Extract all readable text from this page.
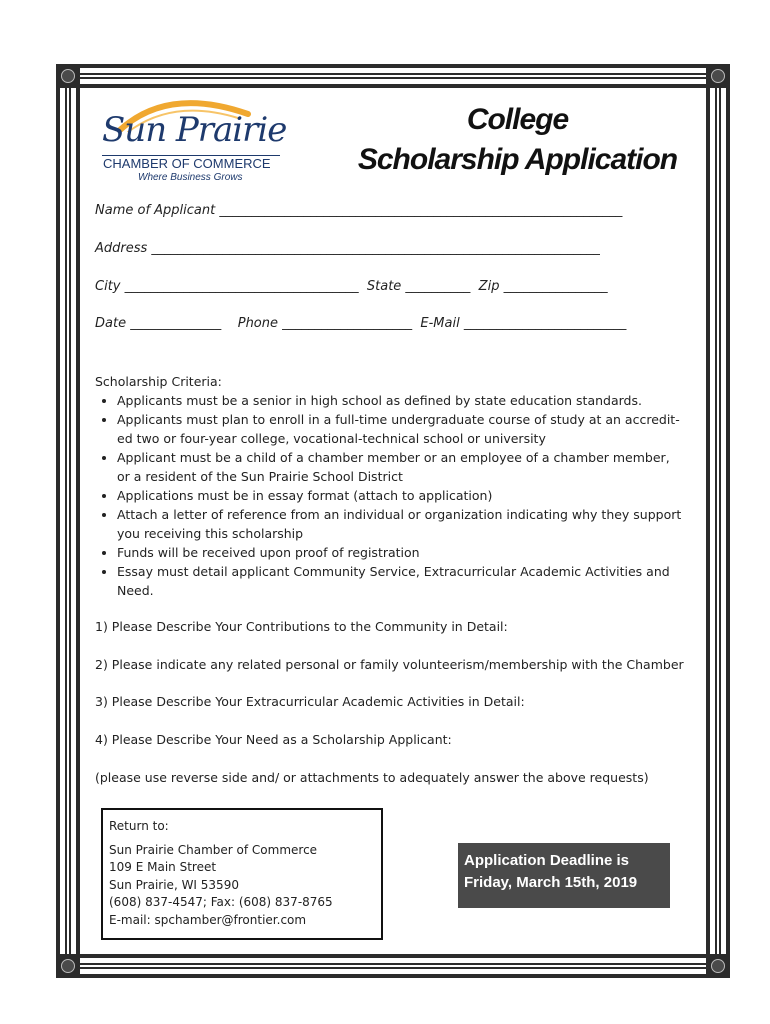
Sun Prairie
CHAMBER OF COMMERCE
Where Business Grows
College
Scholarship Application
Name of Applicant ______________________________________________________________
Address _____________________________________________________________________
City ____________________________________  State __________  Zip ________________
Date ______________    Phone ____________________  E-Mail _________________________
Scholarship Criteria:
• Applicants must be a senior in high school as defined by state education standards.
• Applicants must plan to enroll in a full-time undergraduate course of study at an accredit-ed two or four-year college, vocational-technical school or university
• Applicant must be a child of a chamber member or an employee of a chamber member, or a resident of the Sun Prairie School District
• Applications must be in essay format (attach to application)
• Attach a letter of reference from an individual or organization indicating why they support you receiving this scholarship
• Funds will be received upon proof of registration
• Essay must detail applicant Community Service, Extracurricular Academic Activities and Need.
1) Please Describe Your Contributions to the Community in Detail:
2) Please indicate any related personal or family volunteerism/membership with the Chamber
3) Please Describe Your Extracurricular Academic Activities in Detail:
4) Please Describe Your Need as a Scholarship Applicant:
(please use reverse side and/ or attachments to adequately answer the above requests)
Return to:
Sun Prairie Chamber of Commerce
109 E Main Street
Sun Prairie, WI 53590
(608) 837-4547; Fax: (608) 837-8765
E-mail: spchamber@frontier.com
Application Deadline is
Friday, March 15th, 2019
